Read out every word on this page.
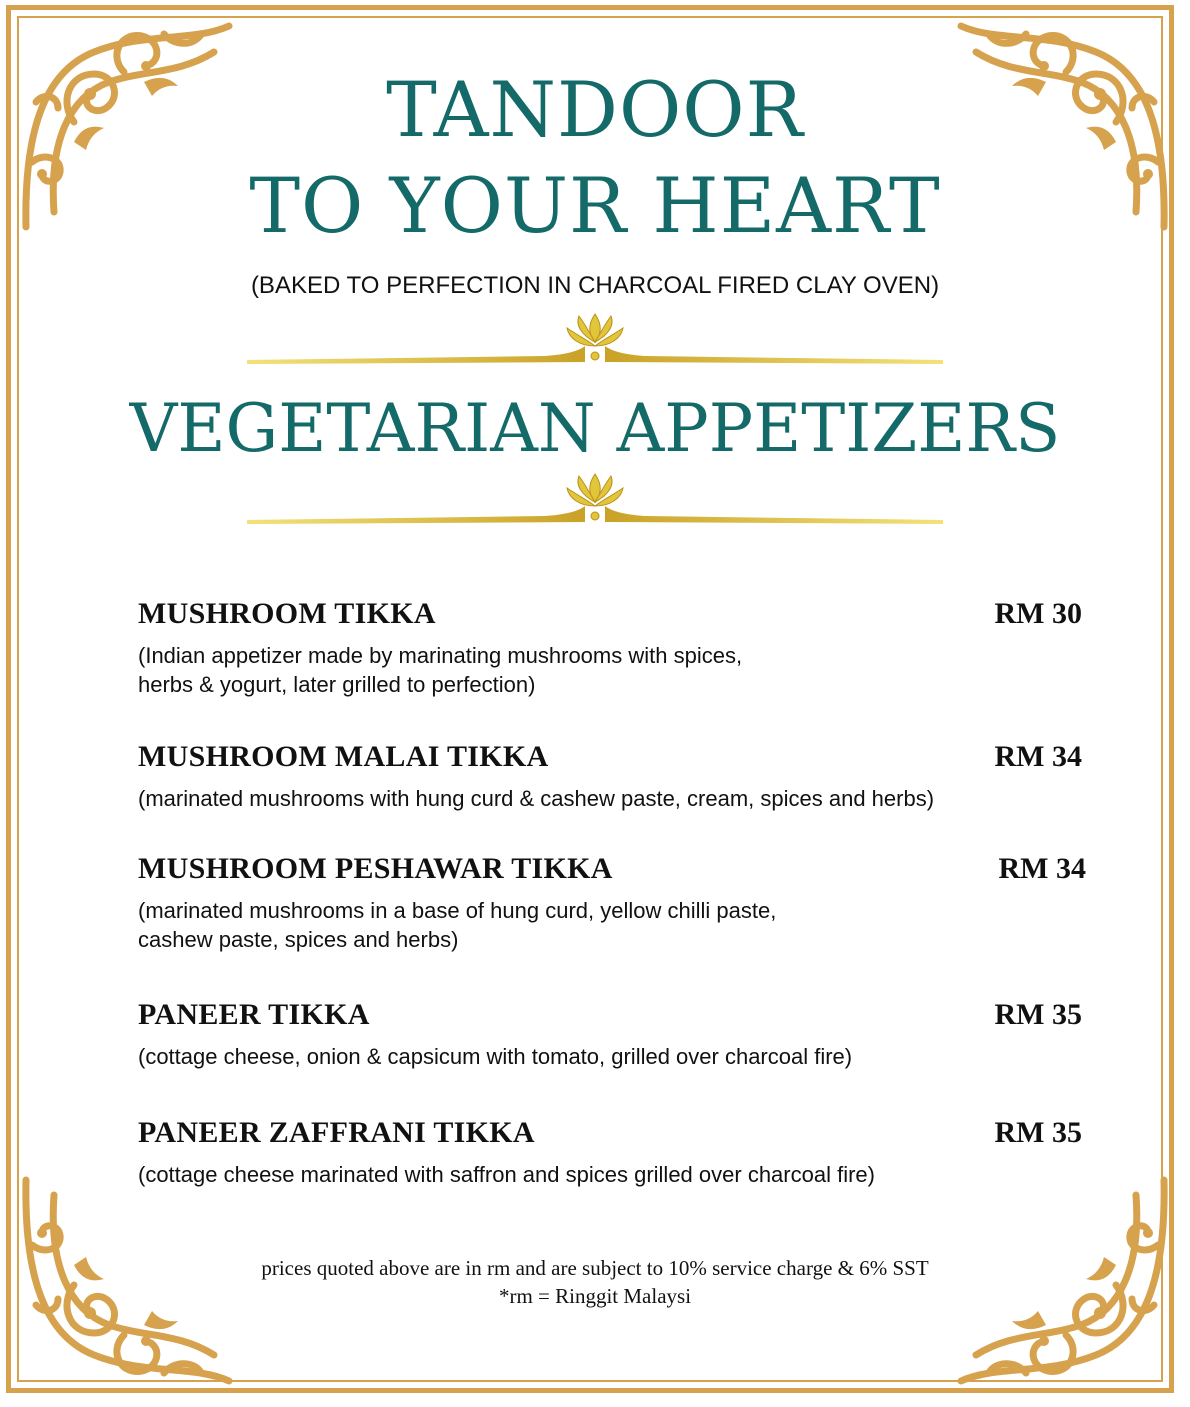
TANDOOR
TO YOUR HEART
(BAKED TO PERFECTION IN CHARCOAL FIRED CLAY OVEN)
VEGETARIAN APPETIZERS
MUSHROOM TIKKA	RM 30
(Indian appetizer made by marinating mushrooms with spices,
herbs & yogurt, later grilled to perfection)
MUSHROOM MALAI TIKKA	RM 34
(marinated mushrooms with hung curd & cashew paste, cream, spices and herbs)
MUSHROOM PESHAWAR TIKKA	RM 34
(marinated mushrooms in a base of hung curd, yellow chilli paste,
cashew paste, spices and herbs)
PANEER TIKKA	RM 35
(cottage cheese, onion & capsicum with tomato, grilled over charcoal fire)
PANEER ZAFFRANI TIKKA	RM 35
(cottage cheese marinated with saffron and spices grilled over charcoal fire)
prices quoted above are in rm and are subject to 10% service charge & 6% SST
*rm = Ringgit Malaysi
